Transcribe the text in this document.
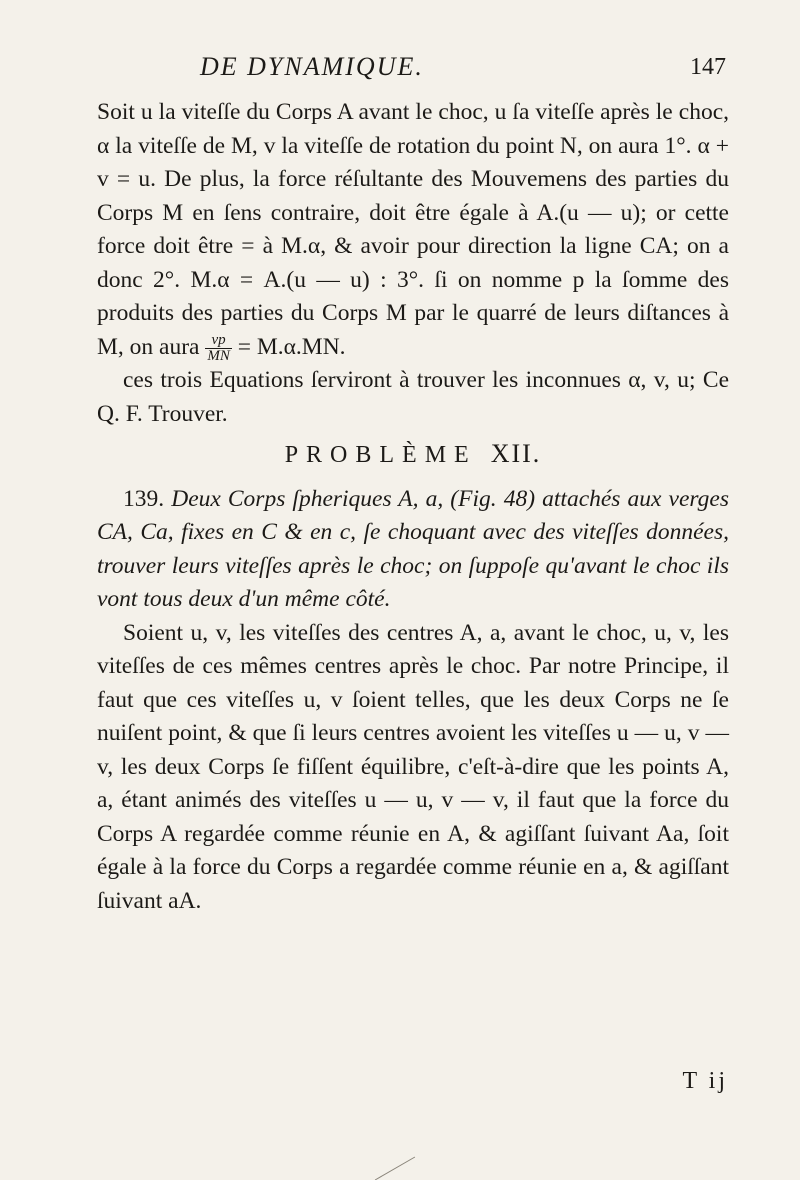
DE DYNAMIQUE.	147

Soit u la viteſſe du Corps A avant le choc, u ſa viteſſe après le choc, α la viteſſe de M, v la viteſſe de rotation du point N, on aura 1°. α + v = u. De plus, la force réſultante des Mouvemens des parties du Corps M en ſens contraire, doit être égale à A.(u — u); or cette force doit être = à M.α, & avoir pour direction la ligne CA; on a donc 2°. M.α = A.(u — u) : 3°. ſi on nomme p la ſomme des produits des parties du Corps M par le quarré de leurs diſtances à M, on aura $\frac{vp}{MN} = M.\alpha.MN$.

ces trois Equations ſerviront à trouver les inconnues α, v, u; Ce Q. F. Trouver.

PROBLÈME XII.

139. Deux Corps ſpheriques A, a, (Fig. 48) attachés aux verges CA, Ca, fixes en C & en c, ſe choquant avec des viteſſes données, trouver leurs viteſſes après le choc; on ſuppoſe qu'avant le choc ils vont tous deux d'un même côté.

Soient u, v, les viteſſes des centres A, a, avant le choc, u, v, les viteſſes de ces mêmes centres après le choc. Par notre Principe, il faut que ces viteſſes u, v ſoient telles, que les deux Corps ne ſe nuiſent point, & que ſi leurs centres avoient les viteſſes u — u, v — v, les deux Corps ſe fiſſent équilibre, c'eſt-à-dire que les points A, a, étant animés des viteſſes u — u, v — v, il faut que la force du Corps A regardée comme réunie en A, & agiſſant ſuivant Aa, ſoit égale à la force du Corps a regardée comme réunie en a, & agiſſant ſuivant aA.

T ij
